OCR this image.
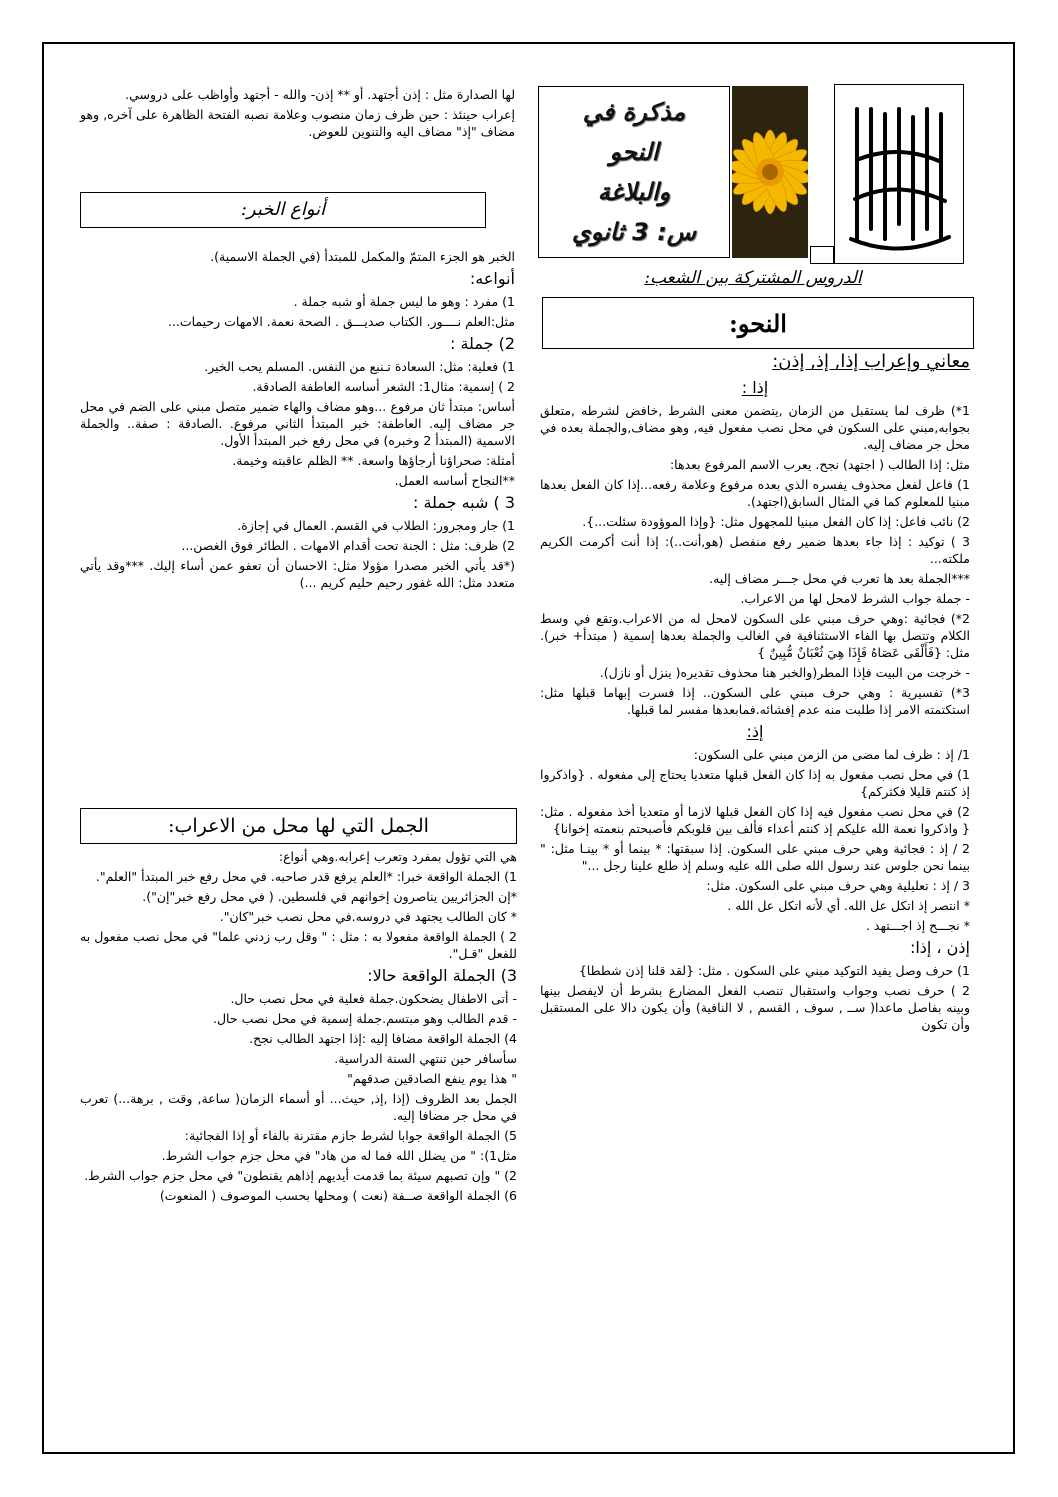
مذكرة في
النحو
والبلاغة
س: 3 ثانوي
الدروس المشتركة بين الشعب:
النحو:

معاني وإعراب إذا, إذ, إذن:

إذا :

1*) ظرف لما يستقبل من الزمان ,يتضمن معنى الشرط ,خافض لشرطه ,متعلق بجوابه,مبني على السكون في محل نصب مفعول فيه, وهو مضاف,والجملة بعده في محل جر مضاف إليه.

مثل: إذا الطالب ( اجتهد) نجح. يعرب الاسم المرفوع بعدها:

1) فاعل لفعل محذوف يفسره الذي بعده مرفوع وعلامة رفعه...إذا كان الفعل بعدها مبنيا للمعلوم كما في المثال السابق(اجتهد).

2) نائب فاعل: إذا كان الفعل مبنيا للمجهول مثل: {وإذا الموؤودة سئلت...}.

3 ) توكيد : إذا جاء بعدها ضمير رفع منفصل (هو,أنت..): إذا أنت أكرمت الكريم ملكته...

***الجملة بعد ها تعرب في محل جـــر مضاف إليه.

- جملة جواب الشرط لامحل لها من الاعراب.

2*) فجائية :وهي حرف مبني على السكون لامحل له من الاعراب.وتقع في وسط الكلام وتتصل بها الفاء الاستئنافية في الغالب والجملة بعدها إسمية ( مبتدأ+ خبر). مثل: {فَأَلْقَى عَصَاهُ فَإِذَا هِيَ ثُعْبَانٌ مُّبِينٌ }

- خرجت من البيت فإذا المطر(والخبر هنا محذوف تقديره( ينزل أو نازل).

3*) تفسيرية : وهي حرف مبني على السكون.. إذا فسرت إبهاما قبلها مثل: استكتمته الامر إذا طلبت منه عدم إفشائه.فمابعدها مفسر لما قبلها.

إذ:

1/ إذ : ظرف لما مضى من الزمن مبني على السكون:

1) في محل نصب مفعول به إذا كان الفعل قبلها متعديا يحتاج إلى مفعوله . {واذكروا إذ كنتم قليلا فكثركم}

2) في محل نصب مفعول فيه إذا كان الفعل قبلها لازما أو متعديا أخذ مفعوله . مثل:{ واذكروا نعمة الله عليكم إذ كنتم أعداء فألف بين قلوبكم فأصبحتم بنعمته إخوانا}

2 / إذ : فجائية وهي حرف مبني على السكون. إذا سبقتها: * بينما أو * بينـا مثل: " بينما نحن جلوس عند رسول الله صلى الله عليه وسلم إذ طلع علينا رجل ..."

3 / إذ : تعليلية وهي حرف مبني على السكون. مثل:

* انتصر إذ اتكل عل الله. أي لأنه اتكل عل الله .

* نجـــح إذ اجـــتهد .

إذن ، إذا:

1) حرف وصل يفيد التوكيد مبني على السكون . مثل: {لقد قلنا إذن شططا}

2 ) حرف نصب وجواب واستقبال تنصب الفعل المضارع بشرط أن لايفصل بينها وبينه بفاصل ماعدا( ســ , سوف , القسم , لا النافية) وأن يكون دالا على المستقبل وأن تكون

لها الصدارة مثل : إذن أجتهد. أو ** إذن- والله - أجتهد وأواظب على دروسي.

إعراب حينئذ : حين ظرف زمان منصوب وعلامة نصبه الفتحة الظاهرة على آخره, وهو مضاف "إذ" مضاف اليه والتنوين للعوض.

أنواع الخبر:

الخبر هو الجزء المتمّ والمكمل للمبتدأ (في الجملة الاسمية).

أنواعه:

1) مفرد : وهو ما ليس جملة أو شبه جملة .

مثل:العلم نــــور. الكتاب صديـــق . الصحة نعمة. الامهات رحيمات...

2) جملة :

1) فعلية: مثل: السعادة تـنبع من النفس. المسلم يحب الخير.

2 ) إسمية: مثال1: الشعر أساسه العاطفة الصادقة.

أساس: مبتدأ ثان مرفوع ...وهو مضاف والهاء ضمير متصل مبني على الضم في محل جر مضاف إليه. العاطفة: خبر المبتدأ الثاني مرفوع. .الصادقة : صفة.. والجملة الاسمية (المبتدأ 2 وخبره) في محل رفع خبر المبتدأ الأول.

أمثلة: صحراؤنا أرجاؤها واسعة. ** الظلم عاقبته وخيمة.

**النجاح أساسه العمل.

3 ) شبه جملة :

1) جار ومجرور: الطلاب في القسم. العمال في إجازة.

2) ظرف: مثل : الجنة تحت أقدام الامهات . الطائر فوق الغصن...

(*قد يأتي الخبر مصدرا مؤولا مثل: الاحسان أن تعفو عمن أساء إليك. ***وقد يأتي متعدد مثل: الله غفور رحيم حليم كريم ...)

الجمل التي لها محل من الاعراب:

هي التي تؤول بمفرد وتعرب إعرابه.وهي أنواع:

1) الجملة الواقعة خبرا: *العلم يرفع قدر صاحبه. في محل رفع خبر المبتدأ "العلم".

*إن الجزائريين يناصرون إخوانهم في فلسطين. ( في محل رفع خبر"إن").

* كان الطالب يجتهد في دروسه.في محل نصب خبر"كان".

2 ) الجملة الواقعة مفعولا به : مثل : " وقل رب زدني علما" في محل نصب مفعول به للفعل "قـل".

3) الجملة الواقعة حالا:

- أتى الاطفال يضحكون.جملة فعلية في محل نصب حال.

- قدم الطالب وهو مبتسم.جملة إسمية في محل نصب حال.

4) الجملة الواقعة مضافا إليه :إذا اجتهد الطالب نجح.

سأسافر حين تنتهي السنة الدراسية.

" هذا يوم ينفع الصادقين صدقهم"

الجمل بعد الظروف (إذا ,إذ, حيث... أو أسماء الزمان( ساعة, وقت , برهة...) تعرب في محل جر مضافا إليه.

5) الجملة الواقعة جوابا لشرط جازم مقترنة بالفاء أو إذا الفجائية:

مثل1): " من يضلل الله فما له من هاد" في محل جزم جواب الشرط.

2) " وإن تصبهم سيئة بما قدمت أيديهم إذاهم يقنطون" في محل جزم جواب الشرط.

6) الجملة الواقعة صــفة (نعت ) ومحلها بحسب الموصوف ( المنعوت)
